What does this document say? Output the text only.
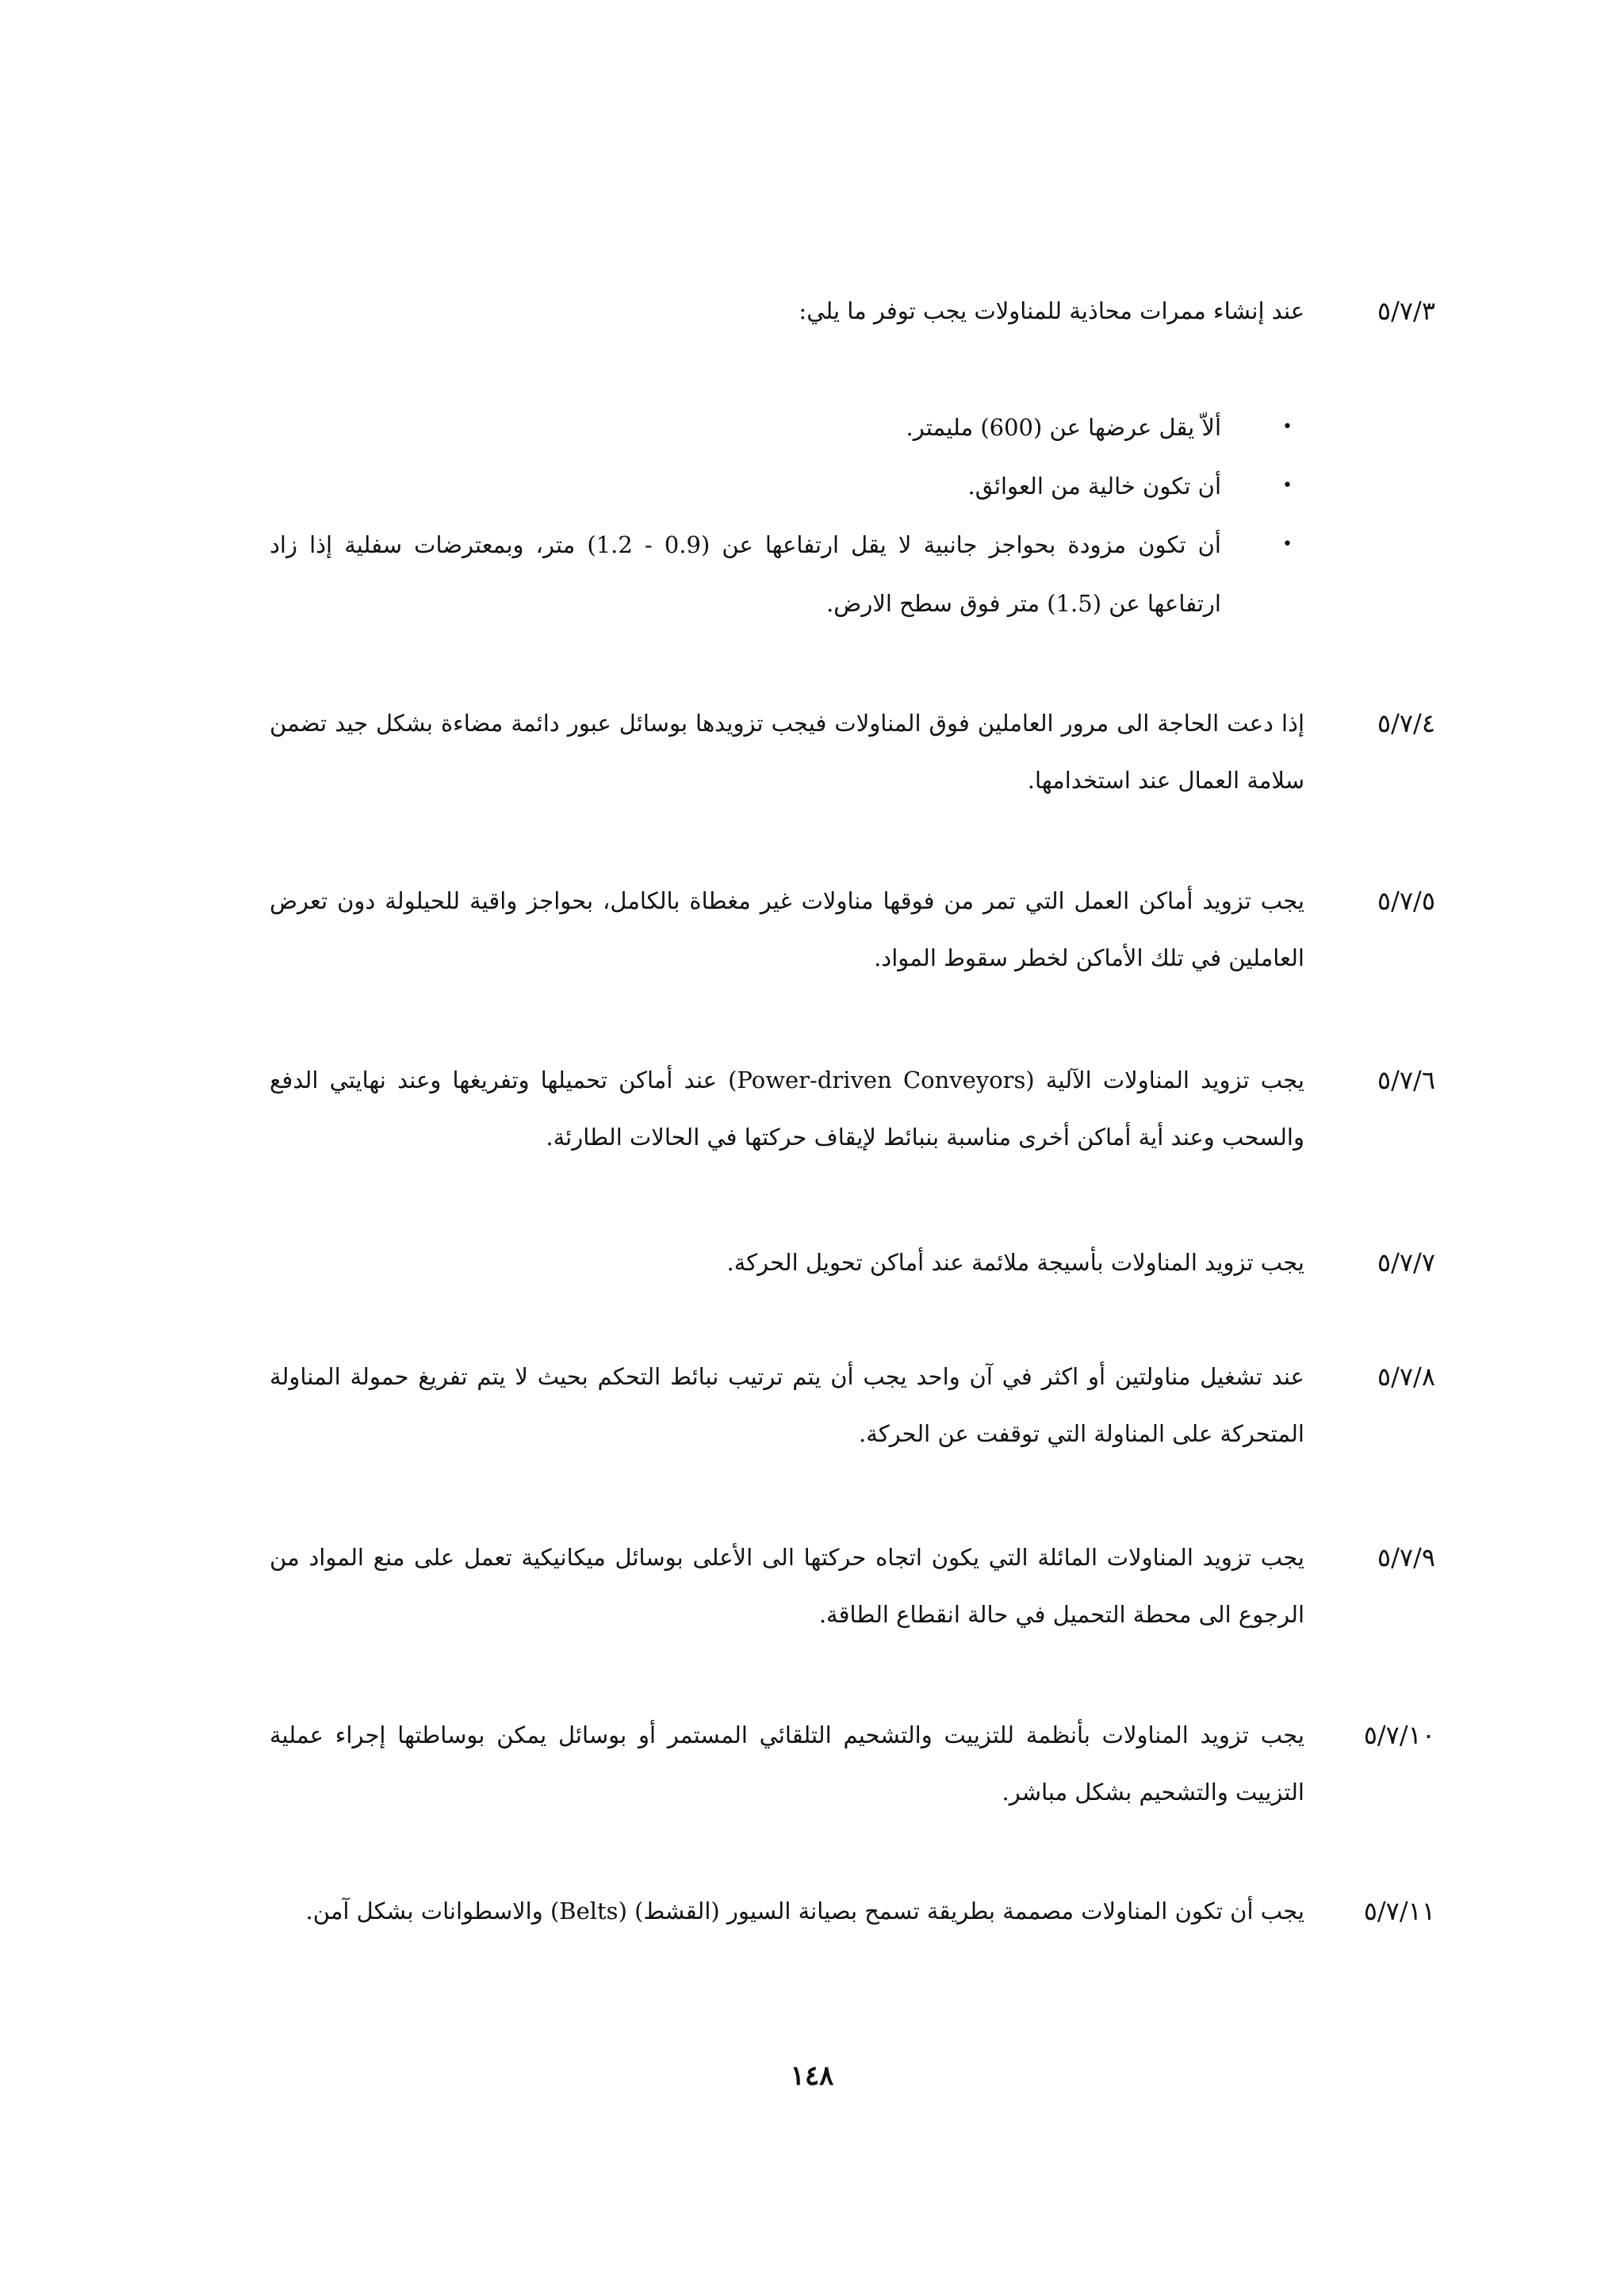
٥/٧/٣

عند إنشاء ممرات محاذية للمناولات يجب توفر ما يلي:

•
ألاّ يقل عرضها عن (600) مليمتر.
•
أن تكون خالية من العوائق.
•
أن تكون مزودة بحواجز جانبية لا يقل ارتفاعها عن (0.9 - 1.2) متر، وبمعترضات سفلية إذا زاد ارتفاعها عن (1.5) متر فوق سطح الارض.
٥/٧/٤

إذا دعت الحاجة الى مرور العاملين فوق المناولات فيجب تزويدها بوسائل عبور دائمة مضاءة بشكل جيد تضمن سلامة العمال عند استخدامها.

٥/٧/٥

يجب تزويد أماكن العمل التي تمر من فوقها مناولات غير مغطاة بالكامل، بحواجز واقية للحيلولة دون تعرض العاملين في تلك الأماكن لخطر سقوط المواد.

٥/٧/٦

يجب تزويد المناولات الآلية (Power-driven Conveyors) عند أماكن تحميلها وتفريغها وعند نهايتي الدفع والسحب وعند أية أماكن أخرى مناسبة بنبائط لإيقاف حركتها في الحالات الطارئة.

٥/٧/٧

يجب تزويد المناولات بأسيجة ملائمة عند أماكن تحويل الحركة.

٥/٧/٨

عند تشغيل مناولتين أو اكثر في آن واحد يجب أن يتم ترتيب نبائط التحكم بحيث لا يتم تفريغ حمولة المناولة المتحركة على المناولة التي توقفت عن الحركة.

٥/٧/٩

يجب تزويد المناولات المائلة التي يكون اتجاه حركتها الى الأعلى بوسائل ميكانيكية تعمل على منع المواد من الرجوع الى محطة التحميل في حالة انقطاع الطاقة.

٥/٧/١٠

يجب تزويد المناولات بأنظمة للتزييت والتشحيم التلقائي المستمر أو بوسائل يمكن بوساطتها إجراء عملية التزييت والتشحيم بشكل مباشر.

٥/٧/١١

يجب أن تكون المناولات مصممة بطريقة تسمح بصيانة السيور (القشط) (Belts) والاسطوانات بشكل آمن.

١٤٨
